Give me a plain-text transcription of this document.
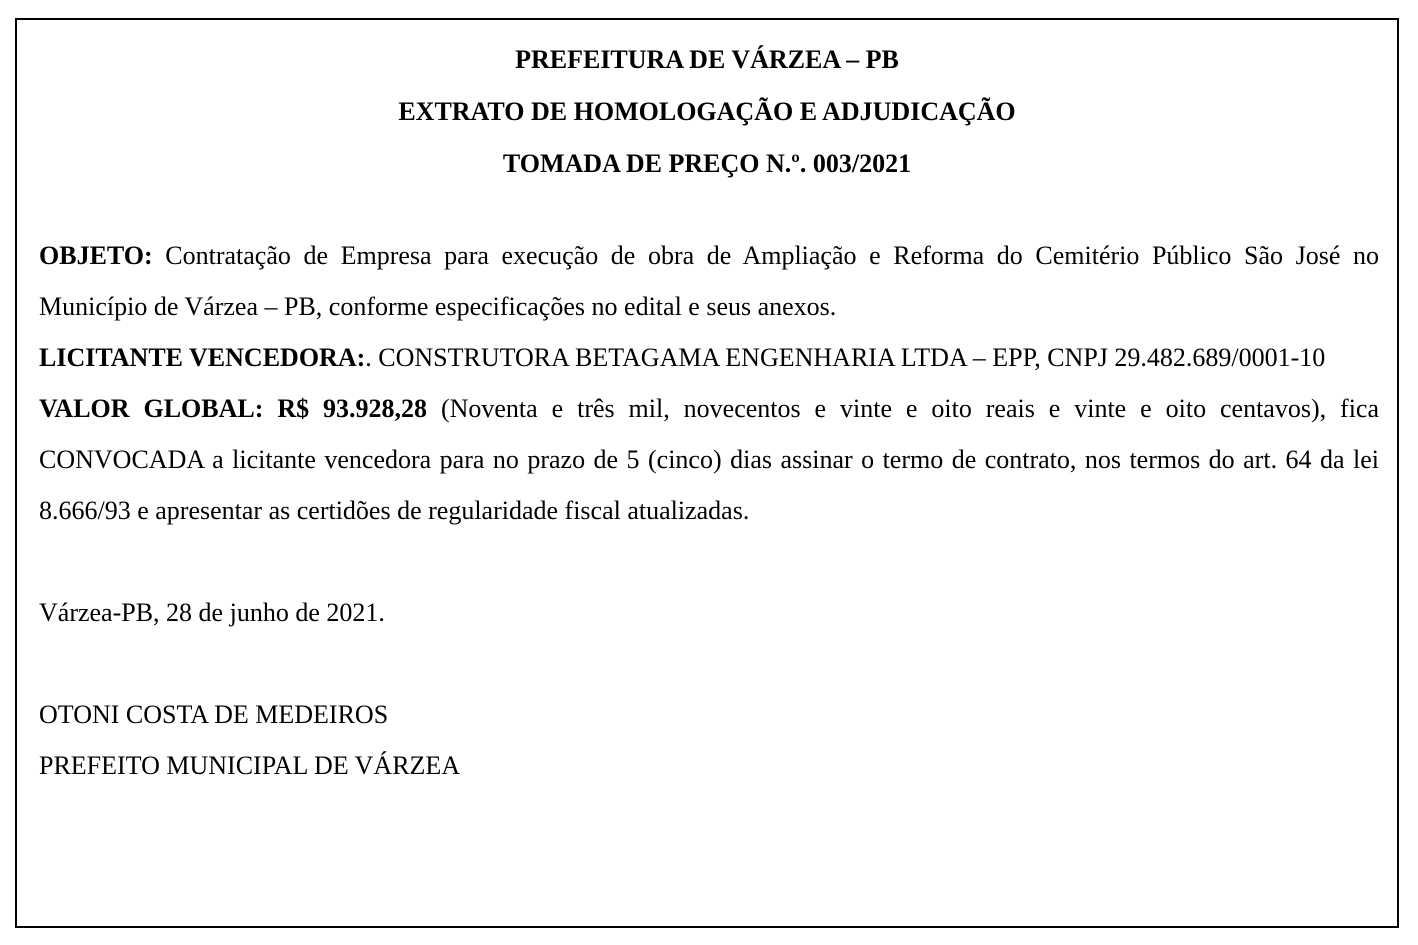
PREFEITURA DE VÁRZEA – PB
EXTRATO DE HOMOLOGAÇÃO E ADJUDICAÇÃO
TOMADA DE PREÇO N.º. 003/2021

OBJETO: Contratação de Empresa para execução de obra de Ampliação e Reforma do Cemitério Público São José no Município de Várzea – PB, conforme especificações no edital e seus anexos.

LICITANTE VENCEDORA:. CONSTRUTORA BETAGAMA ENGENHARIA LTDA – EPP, CNPJ 29.482.689/0001-10

VALOR GLOBAL: R$ 93.928,28 (Noventa e três mil, novecentos e vinte e oito reais e vinte e oito centavos), fica CONVOCADA a licitante vencedora para no prazo de 5 (cinco) dias assinar o termo de contrato, nos termos do art. 64 da lei 8.666/93 e apresentar as certidões de regularidade fiscal atualizadas.

Várzea-PB, 28 de junho de 2021.

OTONI COSTA DE MEDEIROS

PREFEITO MUNICIPAL DE VÁRZEA
